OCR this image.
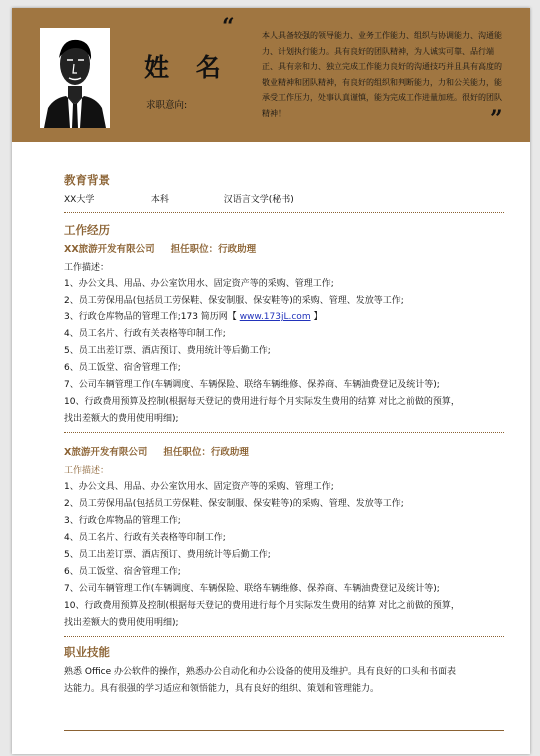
姓 名
求职意向:
“	本人具备较强的领导能力、业务工作能力、组织与协调能力、沟通能力、计划执行能力。具有良好的团队精神，为人诚实可靠、品行端正、具有亲和力、独立完成工作能力良好的沟通技巧并且具有高度的敬业精神和团队精神，有良好的组织和判断能力，力和公关能力，能承受工作压力，处事认真谨慎，能为完成工作进量加班。很好的团队精神！	”
教育背景
XX大学	本科	汉语言文学(秘书)
工作经历
XX旅游开发有限公司 担任职位：行政助理
工作描述：
1、办公文具、用品、办公室饮用水、固定资产等的采购、管理工作;
2、员工劳保用品(包括员工劳保鞋、保安制服、保安鞋等)的采购、管理、发放等工作;
3、行政仓库物品的管理工作;173 简历网【 www.173jL.com 】
4、员工名片、行政有关表格等印制工作;
5、员工出差订票、酒店预订、费用统计等后勤工作;
6、员工饭堂、宿舍管理工作;
7、公司车辆管理工作(车辆调度、车辆保险、联络车辆维修、保养商、车辆油费登记及统计等);
10、行政费用预算及控制(根据每天登记的费用进行每个月实际发生费用的结算 对比之前做的预算，
找出差额大的费用使用明细);
X旅游开发有限公司 担任职位：行政助理
工作描述：
1、办公文具、用品、办公室饮用水、固定资产等的采购、管理工作;
2、员工劳保用品(包括员工劳保鞋、保安制服、保安鞋等)的采购、管理、发放等工作;
3、行政仓库物品的管理工作;
4、员工名片、行政有关表格等印制工作;
5、员工出差订票、酒店预订、费用统计等后勤工作;
6、员工饭堂、宿舍管理工作;
7、公司车辆管理工作(车辆调度、车辆保险、联络车辆维修、保养商、车辆油费登记及统计等);
10、行政费用预算及控制(根据每天登记的费用进行每个月实际发生费用的结算 对比之前做的预算，
找出差额大的费用使用明细);
职业技能
熟悉 Office 办公软件的操作，熟悉办公自动化和办公设备的使用及维护。具有良好的口头和书面表
达能力。具有很强的学习适应和领悟能力，具有良好的组织、策划和管理能力。
